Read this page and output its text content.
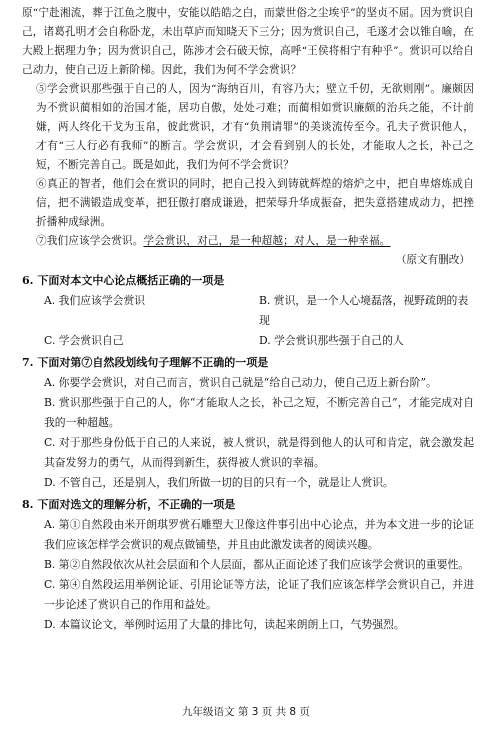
原“宁赴湘流，葬于江鱼之腹中，安能以皓皓之白，而蒙世俗之尘埃乎”的坚贞不屈。因为赏识自己，诸葛孔明才会自称卧龙，未出草庐而知晓天下三分；因为赏识自己，毛遂才会以锥自喻，在大殿上据理力争；因为赏识自己，陈涉才会石破天惊，高呼“王侯将相宁有种乎”。赏识可以给自己动力，使自己迈上新阶梯。因此，我们为何不学会赏识？

⑤学会赏识那些强于自己的人，因为“海纳百川，有容乃大；壁立千仞，无欲则刚”。廉颇因为不赏识蔺相如的治国才能，居功自傲，处处刁难；而蔺相如赏识廉颇的治兵之能，不计前嫌，两人终化干戈为玉帛，彼此赏识，才有“负荆请罪”的美谈流传至今。孔夫子赏识他人，才有“三人行必有我师”的断言。学会赏识，才会看到别人的长处，才能取人之长，补己之短，不断完善自己。既是如此，我们为何不学会赏识？

⑥真正的智者，他们会在赏识的同时，把自己投入到铸就辉煌的熔炉之中，把自卑熔炼成自信，把不满锻造成变革，把狂傲打磨成谦逊，把荣辱升华成振奋，把失意搭建成动力，把挫折播种成绿洲。

⑦我们应该学会赏识。学会赏识，对己，是一种超越；对人，是一种幸福。

（原文有删改）

6. 下面对本文中心论点概括正确的一项是
A. 我们应该学会赏识	B. 赏识，是一个人心境磊落，视野疏朗的表现
C. 学会赏识自己	D. 学会赏识那些强于自己的人
7. 下面对第⑦自然段划线句子理解不正确的一项是
A. 你要学会赏识，对自己而言，赏识自己就是“给自己动力，使自己迈上新台阶”。
B. 赏识那些强于自己的人，你“才能取人之长，补己之短，不断完善自己”，才能完成对自我的一种超越。
C. 对于那些身份低于自己的人来说，被人赏识，就是得到他人的认可和肯定，就会激发起其奋发努力的勇气，从而得到新生，获得被人赏识的幸福。
D. 不管自己，还是别人，我们所做一切的目的只有一个，就是让人赏识。
8. 下面对选文的理解分析，不正确的一项是
A. 第①自然段由米开朗琪罗赏石雕塑大卫像这件事引出中心论点，并为本文进一步的论证我们应该怎样学会赏识的观点做铺垫，并且由此激发读者的阅读兴趣。
B. 第②自然段依次从社会层面和个人层面，都从正面论述了我们应该学会赏识的重要性。
C. 第④自然段运用举例论证、引用论证等方法，论证了我们应该怎样学会赏识自己，并进一步论述了赏识自己的作用和益处。
D. 本篇议论文，举例时运用了大量的排比句，读起来朗朗上口，气势强烈。
九年级语文 第 3 页 共 8 页
